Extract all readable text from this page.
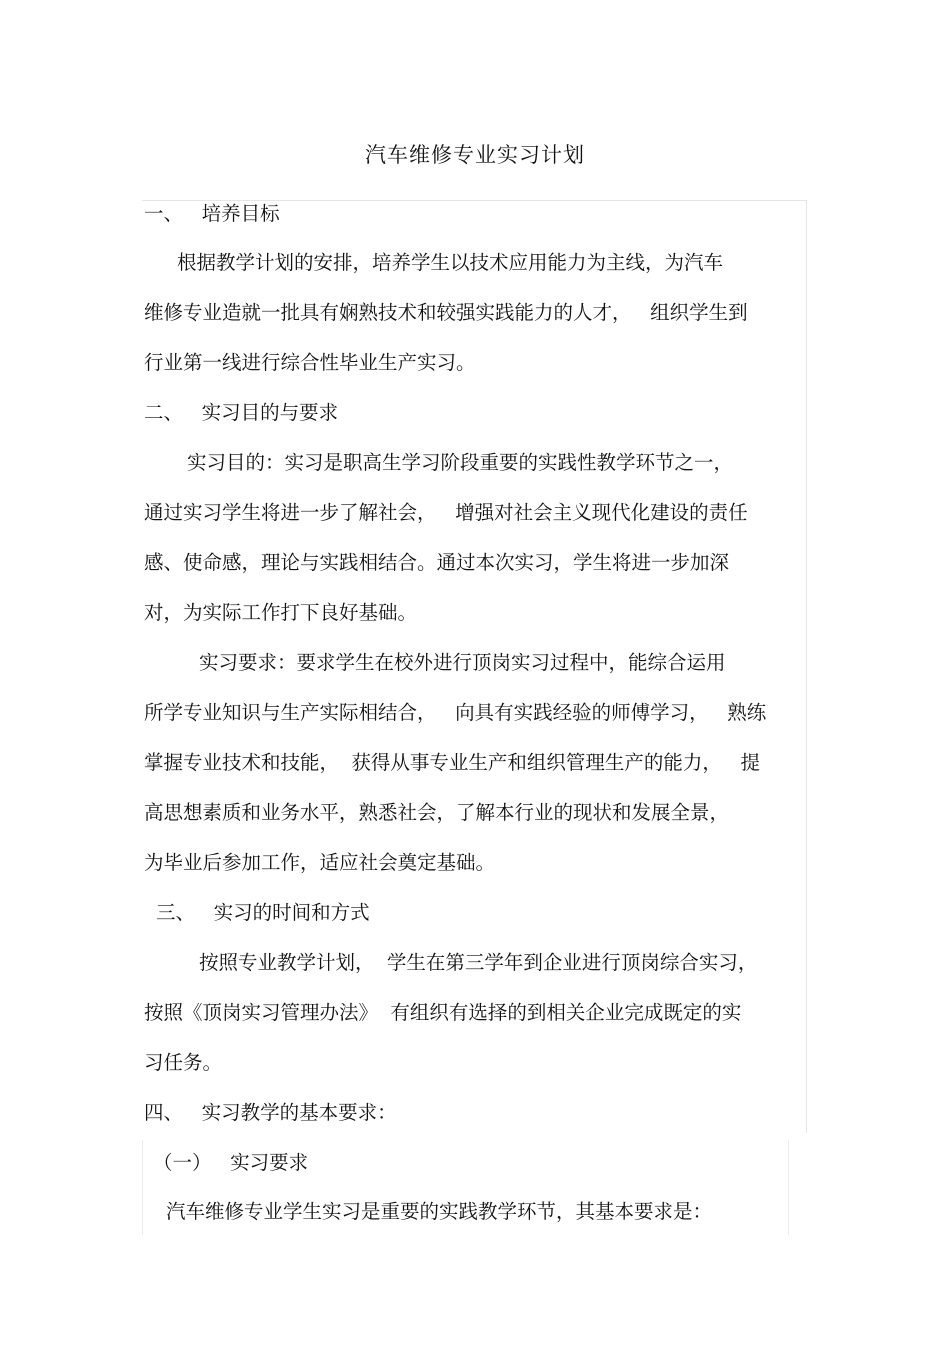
汽车维修专业实习计划
一、   培养目标
根据教学计划的安排，培养学生以技术应用能力为主线，为汽车
维修专业造就一批具有娴熟技术和较强实践能力的人才，   组织学生到
行业第一线进行综合性毕业生产实习。
二、   实习目的与要求
实习目的：实习是职高生学习阶段重要的实践性教学环节之一，
通过实习学生将进一步了解社会，   增强对社会主义现代化建设的责任
感、使命感，理论与实践相结合。通过本次实习，学生将进一步加深
对，为实际工作打下良好基础。
实习要求：要求学生在校外进行顶岗实习过程中，能综合运用
所学专业知识与生产实际相结合，   向具有实践经验的师傅学习，   熟练
掌握专业技术和技能，  获得从事专业生产和组织管理生产的能力，   提
高思想素质和业务水平，熟悉社会，了解本行业的现状和发展全景，
为毕业后参加工作，适应社会奠定基础。
三、   实习的时间和方式
按照专业教学计划，  学生在第三学年到企业进行顶岗综合实习，
按照《顶岗实习管理办法》  有组织有选择的到相关企业完成既定的实
习任务。
四、   实习教学的基本要求：
（一）   实习要求
汽车维修专业学生实习是重要的实践教学环节，其基本要求是：
